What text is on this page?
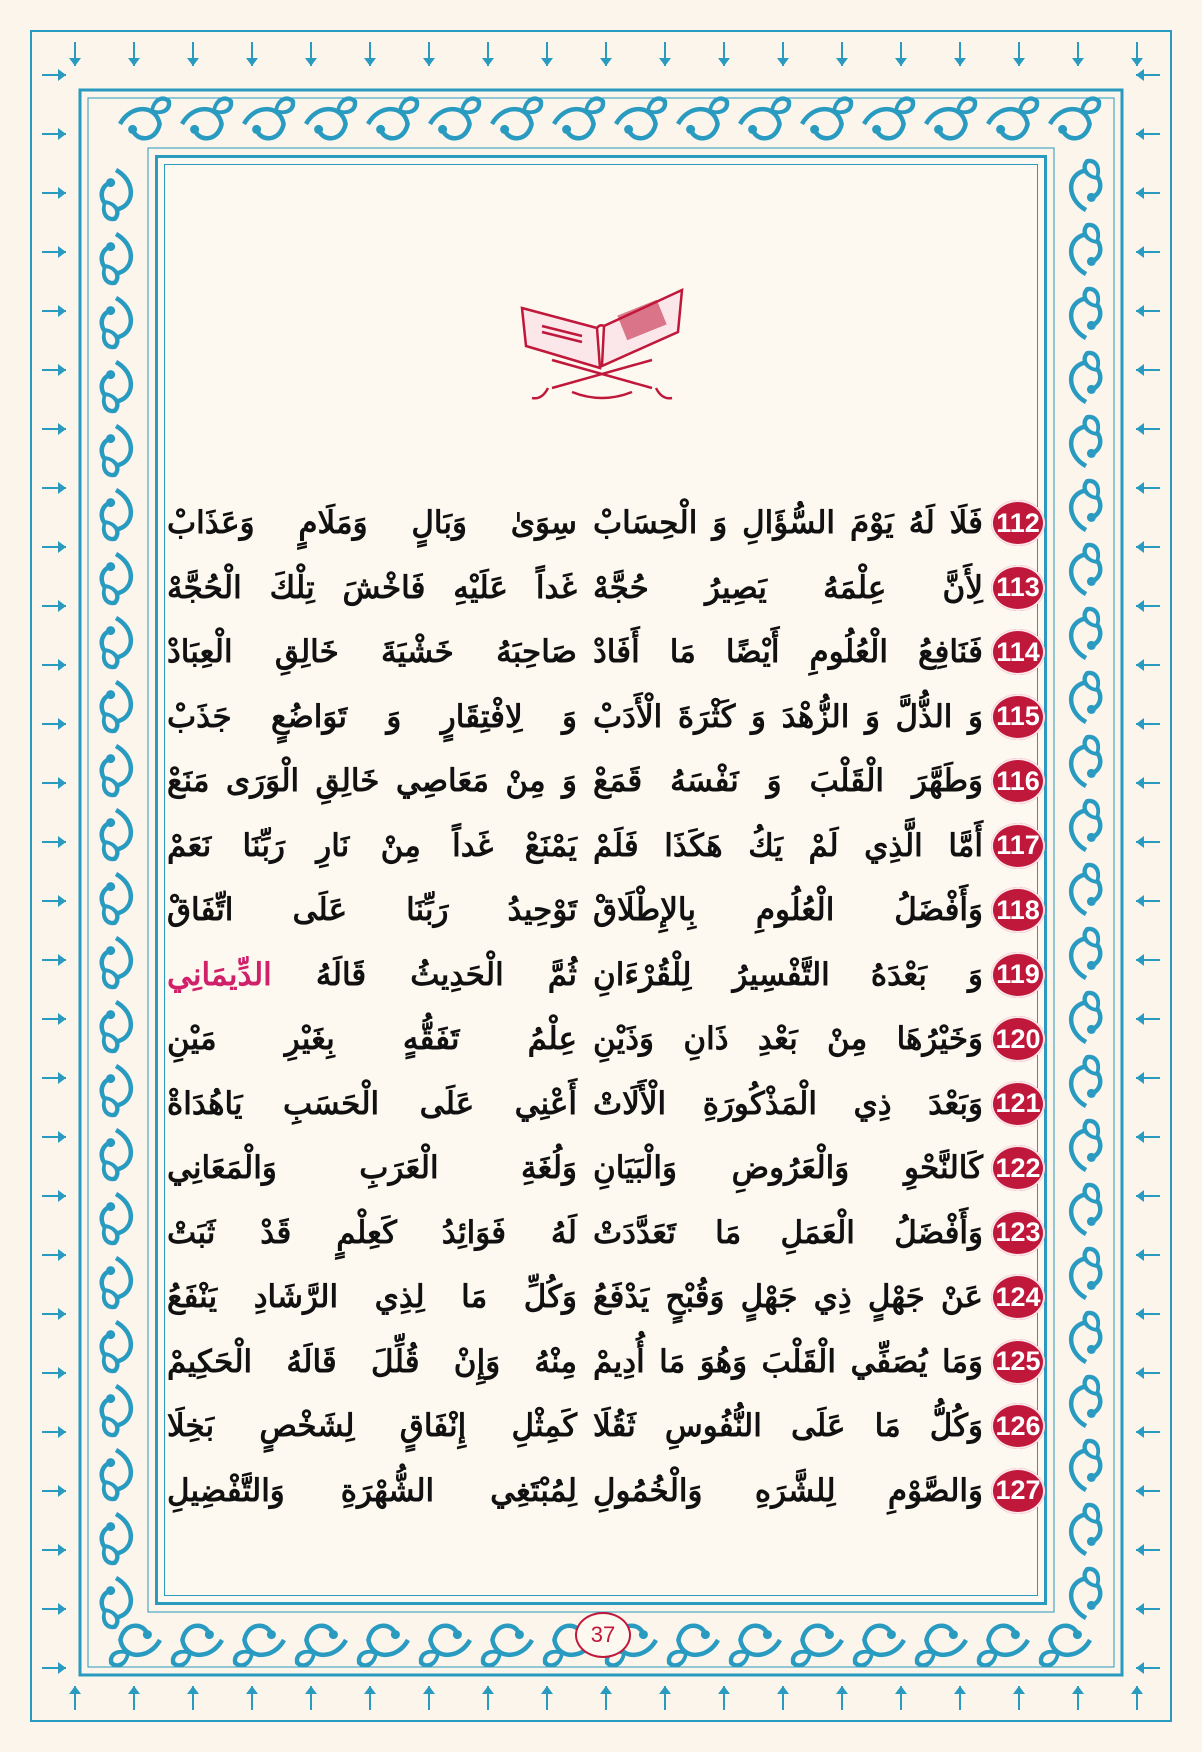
112
فَلَا لَهُ يَوْمَ السُّؤَالِ وَ الْحِسَابْ
سِوَىٰ وَبَالٍ وَمَلَامٍ وَعَذَابْ
113
لِأَنَّ عِلْمَهُ يَصِيرُ حُجَّهْ
غَداً عَلَيْهِ فَاخْشَ تِلْكَ الْحُجَّهْ
114
فَنَافِعُ الْعُلُومِ أَيْضًا مَا أَفَادْ
صَاحِبَهُ خَشْيَةَ خَالِقِ الْعِبَادْ
115
وَ الذُّلَّ وَ الزُّهْدَ وَ كَثْرَةَ الْأَدَبْ
وَ لِافْتِقَارٍ وَ تَوَاضُعٍ جَذَبْ
116
وَطَهَّرَ الْقَلْبَ وَ نَفْسَهُ قَمَعْ
وَ مِنْ مَعَاصِي خَالِقِ الْوَرَى مَنَعْ
117
أَمَّا الَّذِي لَمْ يَكُ هَكَذَا فَلَمْ
يَمْنَعْ غَداً مِنْ نَارِ رَبِّنَا نَعَمْ
118
وَأَفْضَلُ الْعُلُومِ بِالإِطْلَاقْ
تَوْحِيدُ رَبِّنَا عَلَى اتِّفَاقْ
119
وَ بَعْدَهُ التَّفْسِيرُ لِلْقُرْءَانِ
ثُمَّ الْحَدِيثُ قَالَهُ الدِّيمَانِي
120
وَخَيْرُهَا مِنْ بَعْدِ ذَانِ وَذَيْنِ
عِلْمُ تَفَقُّهٍ بِغَيْرِ مَيْنِ
121
وَبَعْدَ ذِي الْمَذْكُورَةِ الْأَلَاتْ
أَعْنِي عَلَى الْحَسَبِ يَاهُدَاةْ
122
كَالنَّحْوِ وَالْعَرُوضِ وَالْبَيَانِ
وَلُغَةِ الْعَرَبِ وَالْمَعَانِي
123
وَأَفْضَلُ الْعَمَلِ مَا تَعَدَّدَتْ
لَهُ فَوَائِدُ كَعِلْمٍ قَدْ ثَبَتْ
124
عَنْ جَهْلٍ ذِي جَهْلٍ وَقُبْحٍ يَدْفَعُ
وَكُلِّ مَا لِذِي الرَّشَادِ يَنْفَعُ
125
وَمَا يُصَفِّي الْقَلْبَ وَهُوَ مَا أُدِيمْ
مِنْهُ وَإِنْ قُلِّلَ قَالَهُ الْحَكِيمْ
126
وَكُلُّ مَا عَلَى النُّفُوسِ ثَقُلَا
كَمِثْلِ إِنْفَاقٍ لِشَخْصٍ بَخِلَا
127
وَالصَّوْمِ لِلشَّرَهِ وَالْخُمُولِ
لِمُبْتَغِي الشُّهْرَةِ وَالتَّفْضِيلِ
37
